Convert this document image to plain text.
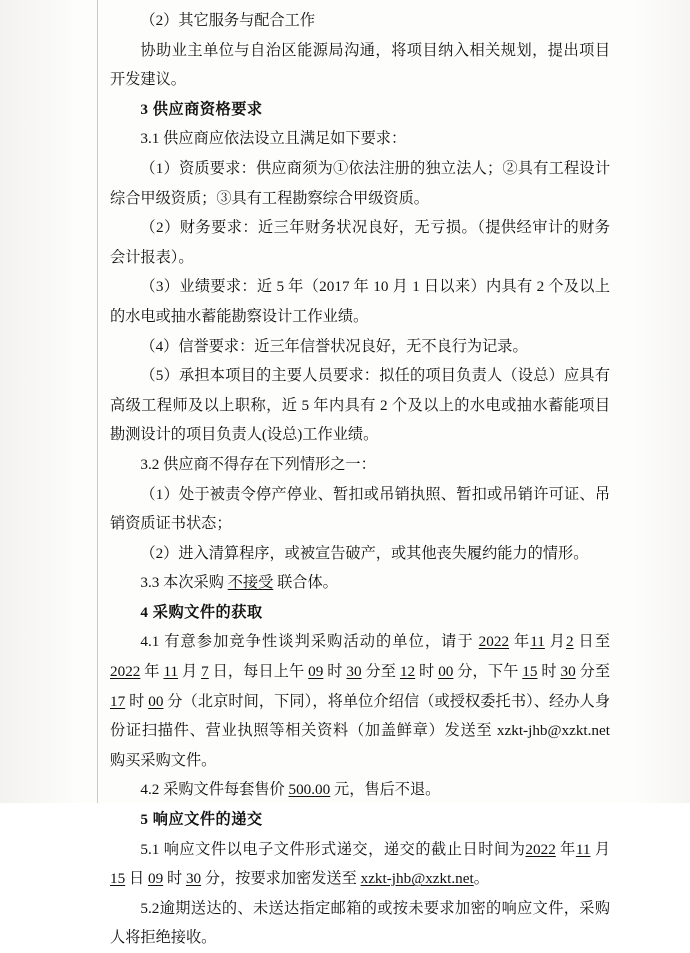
（2）其它服务与配合工作

协助业主单位与自治区能源局沟通，将项目纳入相关规划，提出项目开发建议。

3 供应商资格要求

3.1 供应商应依法设立且满足如下要求：

（1）资质要求：供应商须为①依法注册的独立法人；②具有工程设计综合甲级资质；③具有工程勘察综合甲级资质。

（2）财务要求：近三年财务状况良好，无亏损。（提供经审计的财务会计报表）。

（3）业绩要求：近 5 年（2017 年 10 月 1 日以来）内具有 2 个及以上的水电或抽水蓄能勘察设计工作业绩。

（4）信誉要求：近三年信誉状况良好，无不良行为记录。

（5）承担本项目的主要人员要求：拟任的项目负责人（设总）应具有高级工程师及以上职称，近 5 年内具有 2 个及以上的水电或抽水蓄能项目勘测设计的项目负责人(设总)工作业绩。

3.2 供应商不得存在下列情形之一：

（1）处于被责令停产停业、暂扣或吊销执照、暂扣或吊销许可证、吊销资质证书状态；

（2）进入清算程序，或被宣告破产，或其他丧失履约能力的情形。

3.3 本次采购 不接受 联合体。

4 采购文件的获取

4.1 有意参加竞争性谈判采购活动的单位，请于 2022 年11 月2 日至 2022 年 11 月 7 日，每日上午 09 时 30 分至 12 时 00 分，下午 15 时 30 分至 17 时 00 分（北京时间，下同），将单位介绍信（或授权委托书）、经办人身份证扫描件、营业执照等相关资料（加盖鲜章）发送至 xzkt-jhb@xzkt.net 购买采购文件。

4.2 采购文件每套售价 500.00 元，售后不退。

5 响应文件的递交

5.1 响应文件以电子文件形式递交，递交的截止日时间为2022 年11 月15 日 09 时 30 分，按要求加密发送至 xzkt-jhb@xzkt.net。

5.2逾期送达的、未送达指定邮箱的或按未要求加密的响应文件，采购人将拒绝接收。
